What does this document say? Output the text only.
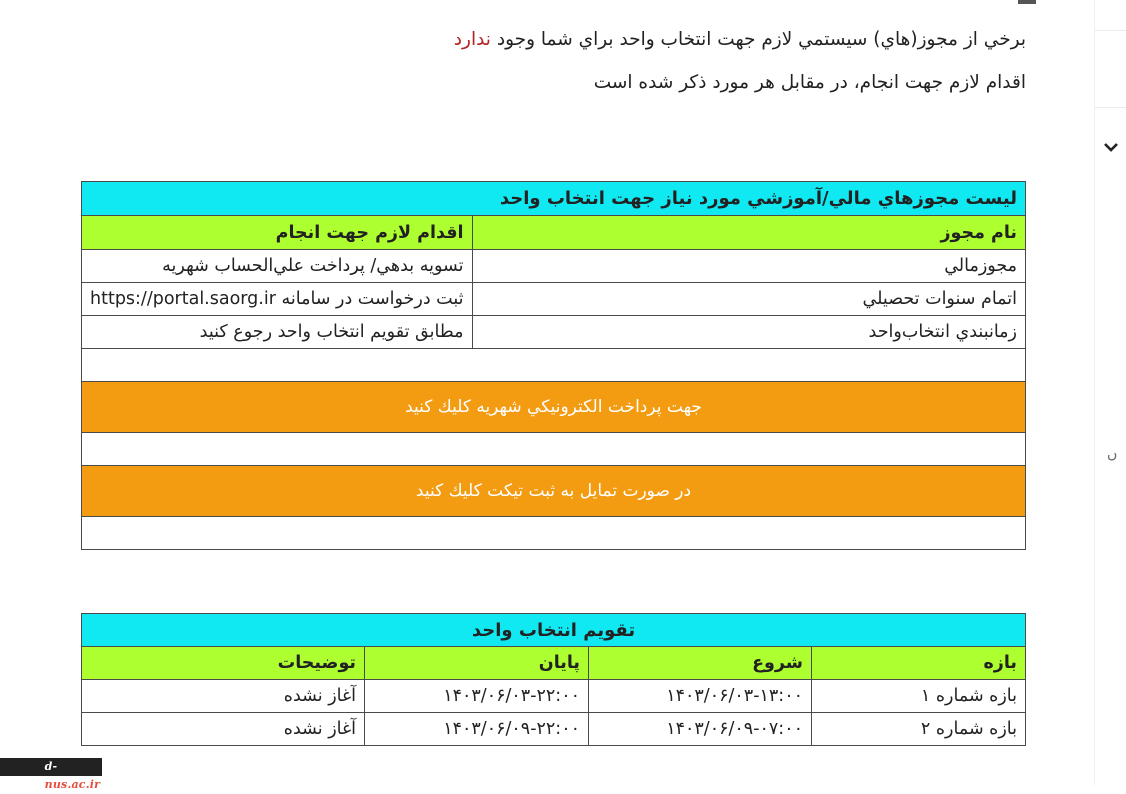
برخي از مجوز(هاي) سيستمي لازم جهت انتخاب واحد براي شما وجود ندارد
اقدام لازم جهت انجام، در مقابل هر مورد ذكر شده است
ليست مجوزهاي مالي/آموزشي مورد نياز جهت انتخاب واحد	
نام مجوز	اقدام لازم جهت انجام
مجوزمالي	تسويه بدهي/ پرداخت علي‌الحساب شهريه
اتمام سنوات تحصيلي	ثبت درخواست در سامانه https://portal.saorg.ir
زمانبندي انتخاب‌واحد	مطابق تقويم انتخاب واحد رجوع كنيد

جهت پرداخت الكترونيكي شهريه كليك كنيد	

در صورت تمايل به ثبت تيكت كليك كنيد	

تقويم انتخاب واحد			
بازه	شروع	پايان	توضيحات
بازه شماره ۱	۱۴۰۳/۰۶/۰۳-۱۳:۰۰	۱۴۰۳/۰۶/۰۳-۲۲:۰۰	آغاز نشده
بازه شماره ۲	۱۴۰۳/۰۶/۰۹-۰۷:۰۰	۱۴۰۳/۰۶/۰۹-۲۲:۰۰	آغاز نشده
d-shiraz.nus.ac.ir
ں
